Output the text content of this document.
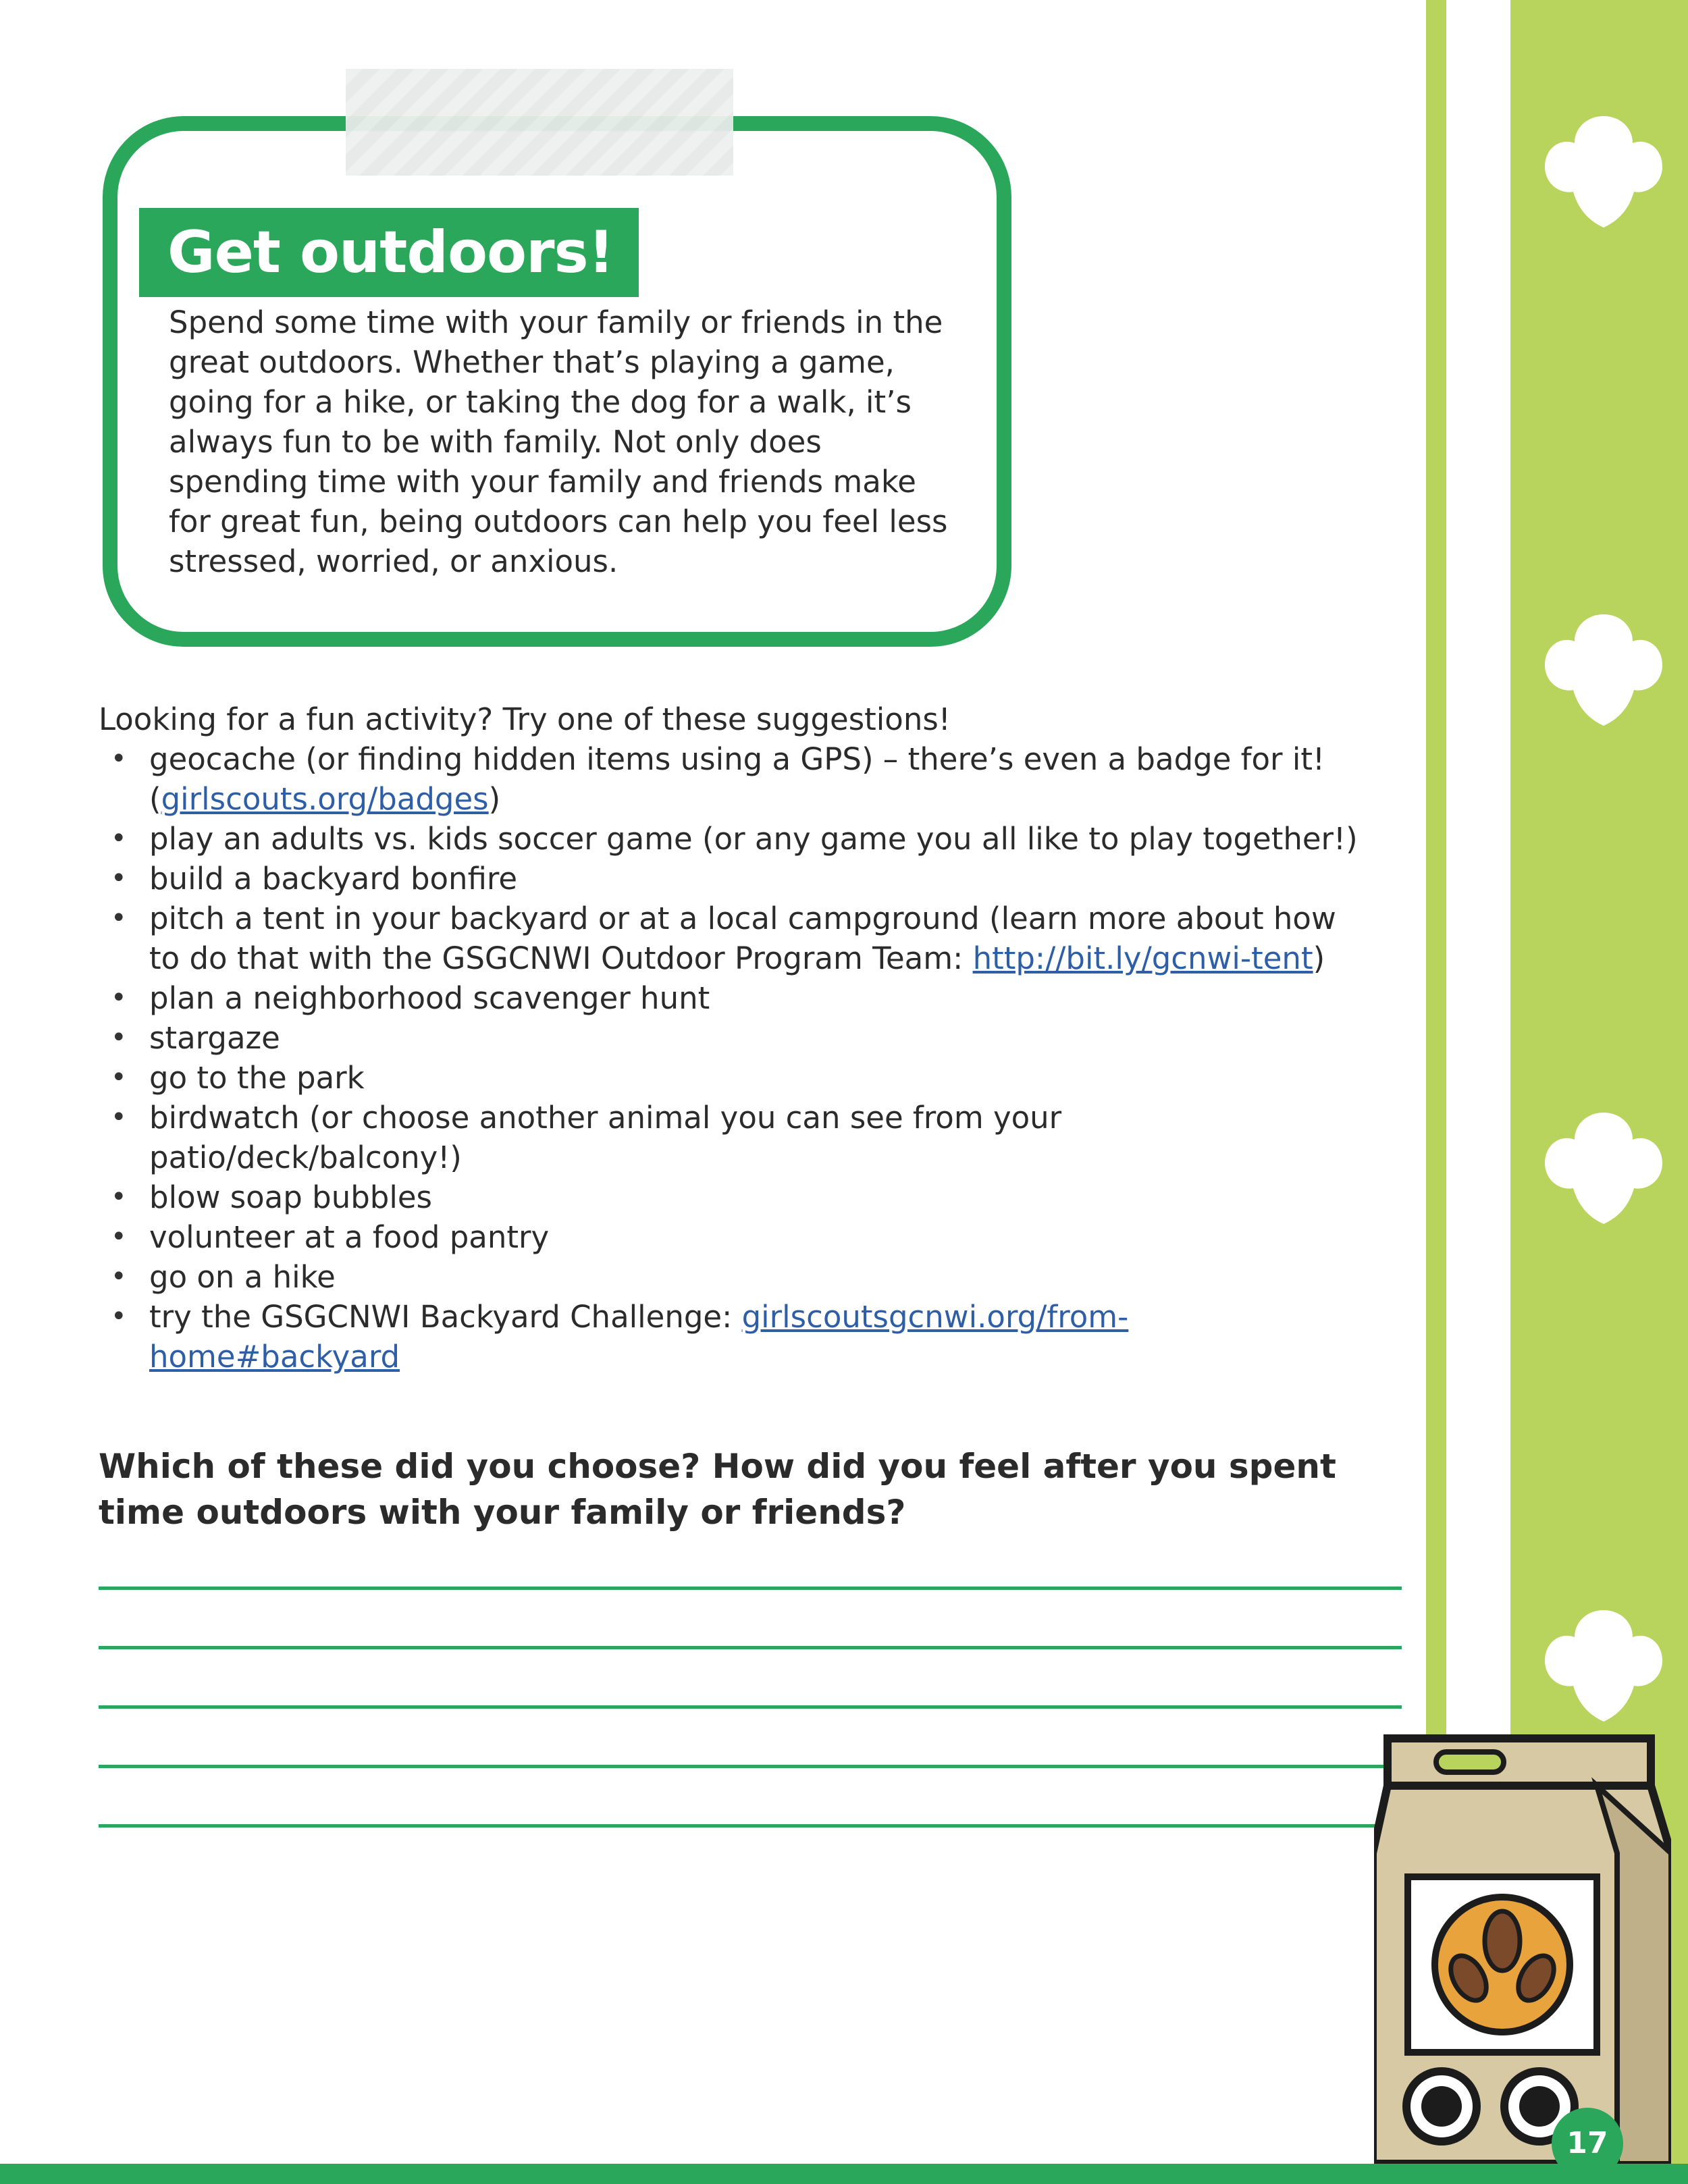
Get outdoors!
Spend some time with your family or friends in the great outdoors. Whether that’s playing a game, going for a hike, or taking the dog for a walk, it’s always fun to be with family. Not only does spending time with your family and friends make for great fun, being outdoors can help you feel less stressed, worried, or anxious.
Looking for a fun activity? Try one of these suggestions!
• geocache (or finding hidden items using a GPS) – there’s even a badge for it! (girlscouts.org/badges)
• play an adults vs. kids soccer game (or any game you all like to play together!)
• build a backyard bonfire
• pitch a tent in your backyard or at a local campground (learn more about how to do that with the GSGCNWI Outdoor Program Team: http://bit.ly/gcnwi-tent)
• plan a neighborhood scavenger hunt
• stargaze
• go to the park
• birdwatch (or choose another animal you can see from your patio/deck/balcony!)
• blow soap bubbles
• volunteer at a food pantry
• go on a hike
• try the GSGCNWI Backyard Challenge: girlscoutsgcnwi.org/from-home#backyard
Which of these did you choose? How did you feel after you spent time outdoors with your family or friends?
17
